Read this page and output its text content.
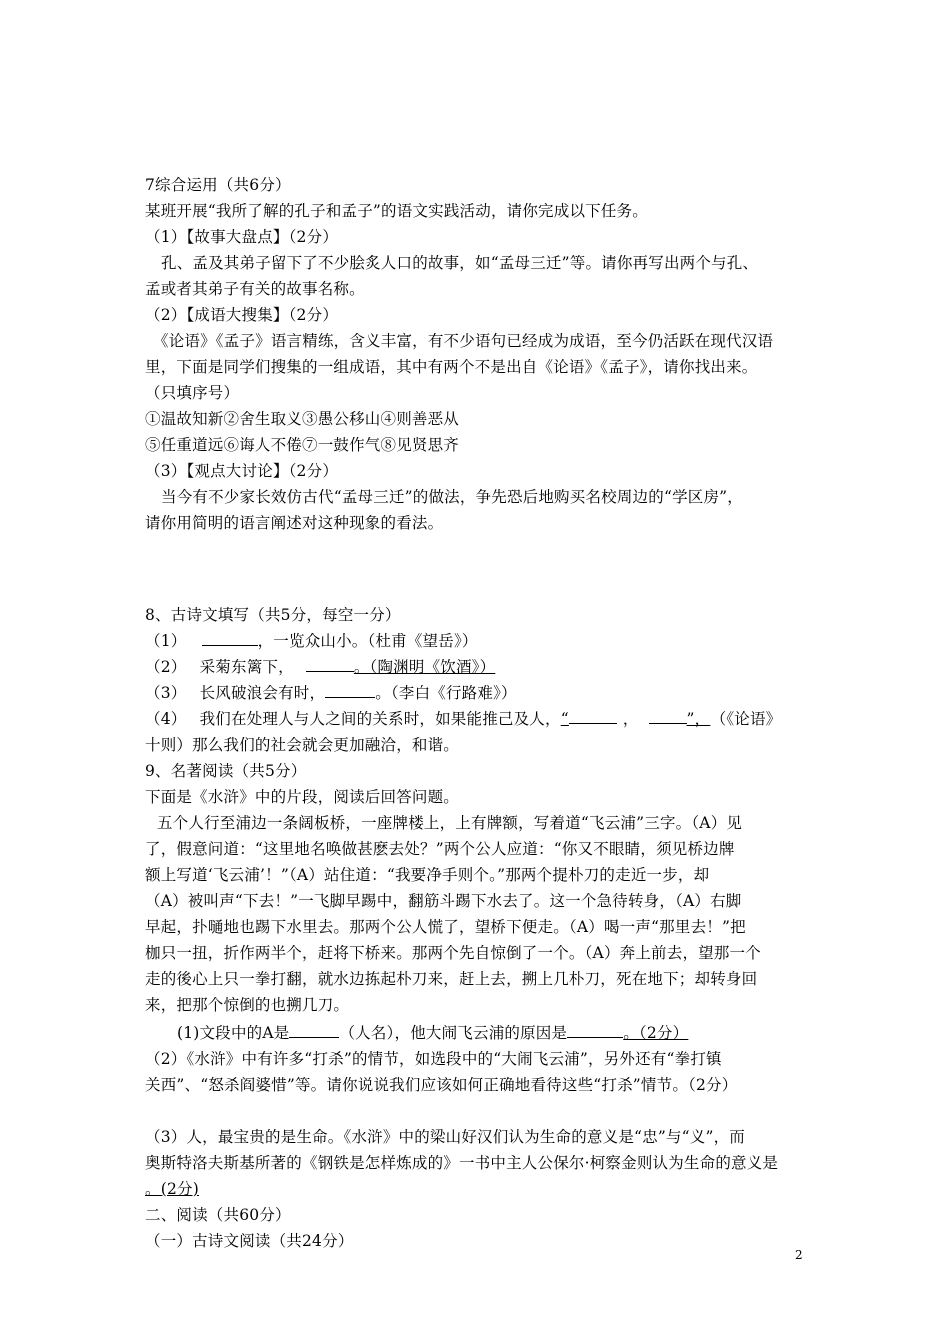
7综合运用（共6分）
某班开展“我所了解的孔子和孟子”的语文实践活动，请你完成以下任务。
（1）【故事大盘点】（2分）
孔、孟及其弟子留下了不少脍炙人口的故事，如“孟母三迁”等。请你再写出两个与孔、
孟或者其弟子有关的故事名称。
（2）【成语大搜集】（2分）
《论语》《孟子》语言精练，含义丰富，有不少语句已经成为成语，至今仍活跃在现代汉语
里，下面是同学们搜集的一组成语，其中有两个不是出自《论语》《孟子》，请你找出来。
（只填序号）
①温故知新②舍生取义③愚公移山④则善恶从
⑤任重道远⑥诲人不倦⑦一鼓作气⑧见贤思齐
（3）【观点大讨论】（2分）
当今有不少家长效仿古代“孟母三迁”的做法，争先恐后地购买名校周边的“学区房”，
请你用简明的语言阐述对这种现象的看法。
8、古诗文填写（共5分，每空一分）
（1）	，一览众山小。（杜甫《望岳》）
（2） 采菊东篱下，	。（陶渊明《饮酒》）
（3） 长风破浪会有时，	。（李白《行路难》）
（4） 我们在处理人与人之间的关系时，如果能推己及人，“	，	”， （《论语》
十则）那么我们的社会就会更加融洽，和谐。
9、名著阅读（共5分）
下面是《水浒》中的片段，阅读后回答问题。
五个人行至浦边一条阔板桥，一座牌楼上，上有牌额，写着道“飞云浦”三字。（A）见
了，假意问道：“这里地名唤做甚麽去处？”两个公人应道：“你又不眼睛，须见桥边牌
额上写道‘飞云浦’！”（A）站住道：“我要净手则个。”那两个提朴刀的走近一步，却
（A）被叫声“下去！”一飞脚早踢中，翻筋斗踢下水去了。这一个急待转身，（A）右脚
早起，扑嗵地也踢下水里去。那两个公人慌了，望桥下便走。（A）喝一声“那里去！”把
枷只一扭，折作两半个，赶将下桥来。那两个先自惊倒了一个。（A）奔上前去，望那一个
走的後心上只一拳打翻，就水边拣起朴刀来，赶上去，搠上几朴刀，死在地下；却转身回
来，把那个惊倒的也搠几刀。
(1)文段中的A是	（人名），他大闹飞云浦的原因是	。（2分）
（2）《水浒》中有许多“打杀”的情节，如选段中的“大闹飞云浦”，另外还有“拳打镇
关西”、“怒杀阎婆惜”等。请你说说我们应该如何正确地看待这些“打杀”情节。（2分）
（3）人，最宝贵的是生命。《水浒》中的梁山好汉们认为生命的意义是“忠”与“义”，而
奥斯特洛夫斯基所著的《钢铁是怎样炼成的》一书中主人公保尔·柯察金则认为生命的意义是
。(2分)
二、阅读（共60分）
（一）古诗文阅读（共24分）
2
